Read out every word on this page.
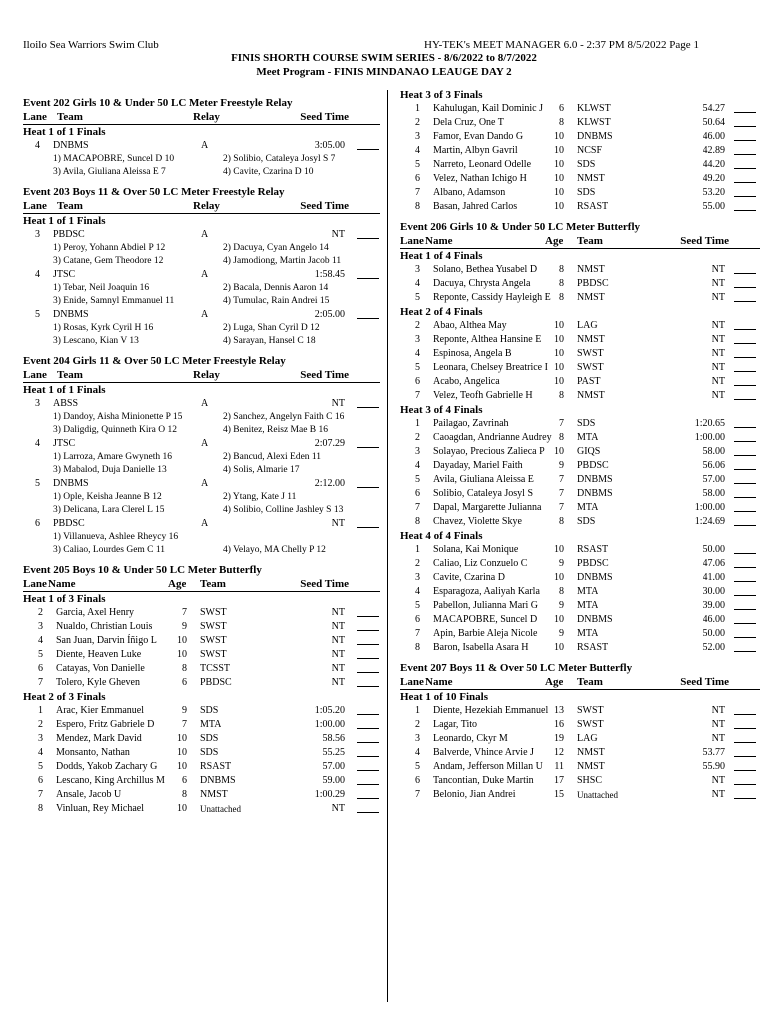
Iloilo Sea Warriors Swim Club	HY-TEK's MEET MANAGER 6.0 - 2:37 PM 8/5/2022 Page 1
FINIS SHORTH COURSE SWIM SERIES - 8/6/2022 to 8/7/2022
Meet Program - FINIS MINDANAO LEAUGE DAY 2
Event 202 Girls 10 & Under 50 LC Meter Freestyle Relay
Lane Team	Relay	Seed Time
Heat 1 of 1 Finals
4 DNBMS	A	3:05.00
1) MACAPOBRE, Suncel D 10	2) Solibio, Cataleya Josyl S 7
3) Avila, Giuliana Aleissa E 7	4) Cavite, Czarina D 10
Event 203 Boys 11 & Over 50 LC Meter Freestyle Relay
Lane Team	Relay	Seed Time
Heat 1 of 1 Finals
3 PBDSC	A	NT
1) Peroy, Yohann Abdiel P 12	2) Dacuya, Cyan Angelo 14
3) Catane, Gem Theodore 12	4) Jamodiong, Martin Jacob 11
4 JTSC	A	1:58.45
1) Tebar, Neil Joaquin 16	2) Bacala, Dennis Aaron 14
3) Enide, Samnyl Emmanuel 11	4) Tumulac, Rain Andrei 15
5 DNBMS	A	2:05.00
1) Rosas, Kyrk Cyril H 16	2) Luga, Shan Cyril D 12
3) Lescano, Kian V 13	4) Sarayan, Hansel C 18
Event 204 Girls 11 & Over 50 LC Meter Freestyle Relay
Lane Team	Relay	Seed Time
Heat 1 of 1 Finals
3 ABSS	A	NT
1) Dandoy, Aisha Minionette P 15	2) Sanchez, Angelyn Faith C 16
3) Daligdig, Quinneth Kira O 12	4) Benitez, Reisz Mae B 16
4 JTSC	A	2:07.29
1) Larroza, Amare Gwyneth 16	2) Bancud, Alexi Eden 11
3) Mabalod, Duja Danielle 13	4) Solis, Almarie 17
5 DNBMS	A	2:12.00
1) Ople, Keisha Jeanne B 12	2) Ytang, Kate J 11
3) Delicana, Lara Clerel L 15	4) Solibio, Colline Jashley S 13
6 PBDSC	A	NT
1) Villanueva, Ashlee Rheycy 16
3) Caliao, Lourdes Gem C 11	4) Velayo, MA Chelly P 12
Event 205 Boys 10 & Under 50 LC Meter Butterfly
Lane Name	Age Team	Seed Time
Heat 1 of 3 Finals
2 Garcia, Axel Henry	7 SWST	NT
3 Nualdo, Christian Louis	9 SWST	NT
4 San Juan, Darvin Íñigo L	10 SWST	NT
5 Diente, Heaven Luke	10 SWST	NT
6 Catayas, Von Danielle	8 TCSST	NT
7 Tolero, Kyle Gheven	6 PBDSC	NT
Heat 2 of 3 Finals
1 Arac, Kier Emmanuel	9 SDS	1:05.20
2 Espero, Fritz Gabriele D	7 MTA	1:00.00
3 Mendez, Mark David	10 SDS	58.56
4 Monsanto, Nathan	10 SDS	55.25
5 Dodds, Yakob Zachary G	10 RSAST	57.00
6 Lescano, King Archillus M	6 DNBMS	59.00
7 Ansale, Jacob U	8 NMST	1:00.29
8 Vinluan, Rey Michael	10 Unattached	NT
Heat 3 of 3 Finals
1 Kahulugan, Kail Dominic J	6 KLWST	54.27
2 Dela Cruz, One T	8 KLWST	50.64
3 Famor, Evan Dando G	10 DNBMS	46.00
4 Martin, Albyn Gavril	10 NCSF	42.89
5 Narreto, Leonard Odelle	10 SDS	44.20
6 Velez, Nathan Ichigo H	10 NMST	49.20
7 Albano, Adamson	10 SDS	53.20
8 Basan, Jahred Carlos	10 RSAST	55.00
Event 206 Girls 10 & Under 50 LC Meter Butterfly
Lane Name	Age Team	Seed Time
Heat 1 of 4 Finals
3 Solano, Bethea Yusabel D	8 NMST	NT
4 Dacuya, Chrysta Angela	8 PBDSC	NT
5 Reponte, Cassidy Hayleigh E 8 NMST	NT
Heat 2 of 4 Finals
2 Abao, Althea May	10 LAG	NT
3 Reponte, Althea Hansine E	10 NMST	NT
4 Espinosa, Angela B	10 SWST	NT
5 Leonara, Chelsey Breatrice I 10 SWST	NT
6 Acabo, Angelica	10 PAST	NT
7 Velez, Teofh Gabrielle H	8 NMST	NT
Heat 3 of 4 Finals
1 Pailagao, Zavrinah	7 SDS	1:20.65
2 Caoagdan, Andrianne Audrey 8 MTA	1:00.00
3 Solayao, Precious Zalieca P 10 GIQS	58.00
4 Dayaday, Mariel Faith	9 PBDSC	56.06
5 Avila, Giuliana Aleissa E	7 DNBMS	57.00
6 Solibio, Cataleya Josyl S	7 DNBMS	58.00
7 Dapal, Margarette Julianna	7 MTA	1:00.00
8 Chavez, Violette Skye	8 SDS	1:24.69
Heat 4 of 4 Finals
1 Solana, Kai Monique	10 RSAST	50.00
2 Caliao, Liz Conzuelo C	9 PBDSC	47.06
3 Cavite, Czarina D	10 DNBMS	41.00
4 Esparagoza, Aaliyah Karla	8 MTA	30.00
5 Pabellon, Julianna Mari G	9 MTA	39.00
6 MACAPOBRE, Suncel D	10 DNBMS	46.00
7 Apin, Barbie Aleja Nicole	9 MTA	50.00
8 Baron, Isabella Asara H	10 RSAST	52.00
Event 207 Boys 11 & Over 50 LC Meter Butterfly
Lane Name	Age Team	Seed Time
Heat 1 of 10 Finals
1 Diente, Hezekiah Emmanuel 13 SWST	NT
2 Lagar, Tito	16 SWST	NT
3 Leonardo, Ckyr M	19 LAG	NT
4 Balverde, Vhince Arvie J	12 NMST	53.77
5 Andam, Jefferson Millan U	11 NMST	55.90
6 Tancontian, Duke Martin	17 SHSC	NT
7 Belonio, Jian Andrei	15 Unattached	NT
